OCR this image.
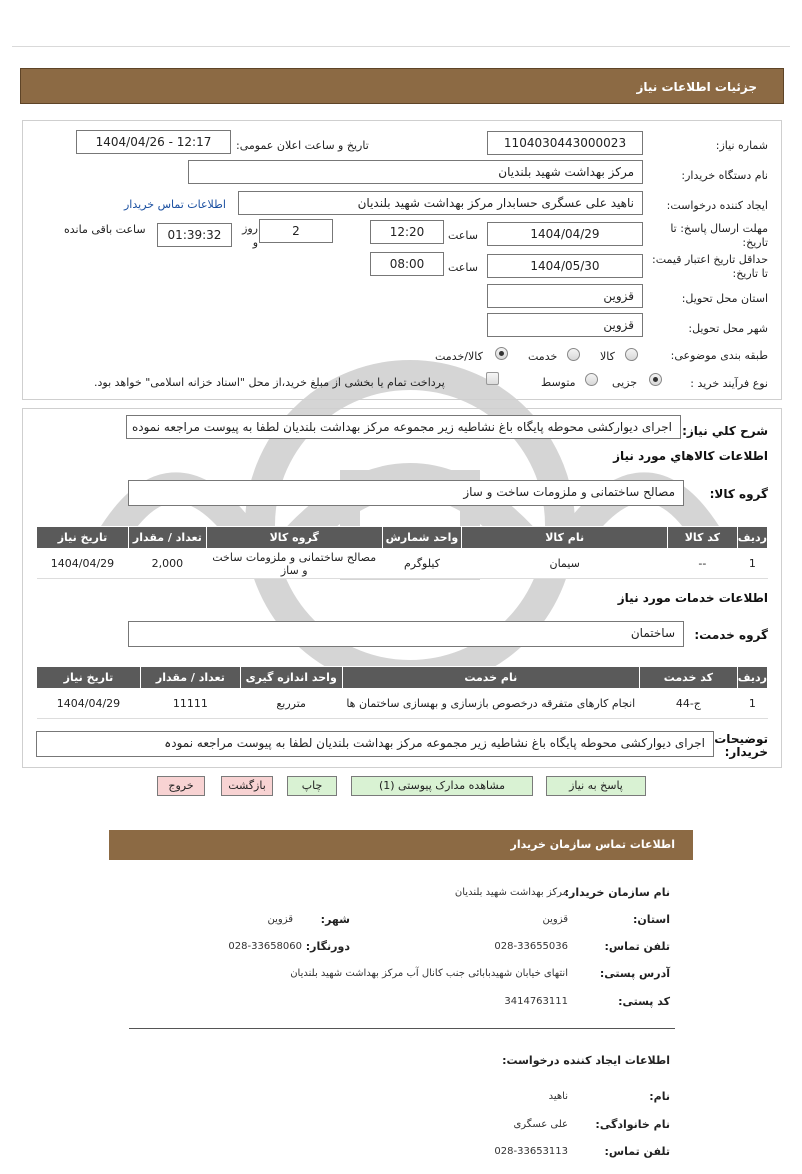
جزئیات اطلاعات نیاز
شماره نیاز:
1104030443000023
تاریخ و ساعت اعلان عمومی:
1404/04/26 - 12:17
نام دستگاه خریدار:
مرکز بهداشت شهید بلندیان
ایجاد کننده درخواست:
ناهید علی عسگری حسابدار مرکز بهداشت شهید بلندیان
اطلاعات تماس خریدار
مهلت ارسال پاسخ: تا تاریخ:
1404/04/29
ساعت
12:20
2
روز و
01:39:32
ساعت باقی مانده
حداقل تاریخ اعتبار قیمت: تا تاریخ:
1404/05/30
ساعت
08:00
استان محل تحویل:
قزوین
شهر محل تحویل:
قزوین
طبقه بندی موضوعی:
کالا
خدمت
کالا/خدمت
نوع فرآیند خرید :
جزیی
متوسط
پرداخت تمام یا بخشی از مبلغ خرید،از محل "اسناد خزانه اسلامی" خواهد بود.
شرح کلي نياز:
اجرای دیوارکشی محوطه پایگاه باغ نشاطیه زیر مجموعه مرکز بهداشت بلندیان لطفا به پیوست مراجعه نموده
اطلاعات کالاهاي مورد نياز
گروه کالا:
مصالح ساختمانی و ملزومات ساخت و ساز
ردیف	کد کالا	نام کالا	واحد شمارش	گروه کالا	تعداد / مقدار	تاریخ نیاز
1	--	سیمان	کیلوگرم	مصالح ساختمانی و ملزومات ساخت و ساز	2,000	1404/04/29
اطلاعات خدمات مورد نياز
گروه خدمت:
ساختمان
ردیف	کد خدمت	نام خدمت	واحد اندازه گیری	تعداد / مقدار	تاریخ نیاز
1	ج-44	انجام کارهای متفرقه درخصوص بازسازی و بهسازی ساختمان ها	مترربع	11111	1404/04/29
توضیحات خریدار:
اجرای دیوارکشی محوطه پایگاه باغ نشاطیه زیر مجموعه مرکز بهداشت بلندیان لطفا به پیوست مراجعه نمودہ
پاسخ به نیاز
مشاهده مدارک پیوستی (1)
چاپ
بازگشت
خروج
اطلاعات تماس سازمان خریدار
نام سازمان خریدار:
مرکز بهداشت شهید بلندیان
استان:
قزوین
شهر:
قزوین
تلفن تماس:
028-33655036
دورنگار:
028-33658060
آدرس پستی:
انتهای خیابان شهیدبابائی جنب کانال آب مرکز بهداشت شهید بلندیان
کد پستی:
3414763111
اطلاعات ایجاد کننده درخواست:
نام:
ناهید
نام خانوادگی:
علی عسگری
تلفن تماس:
028-33653113
